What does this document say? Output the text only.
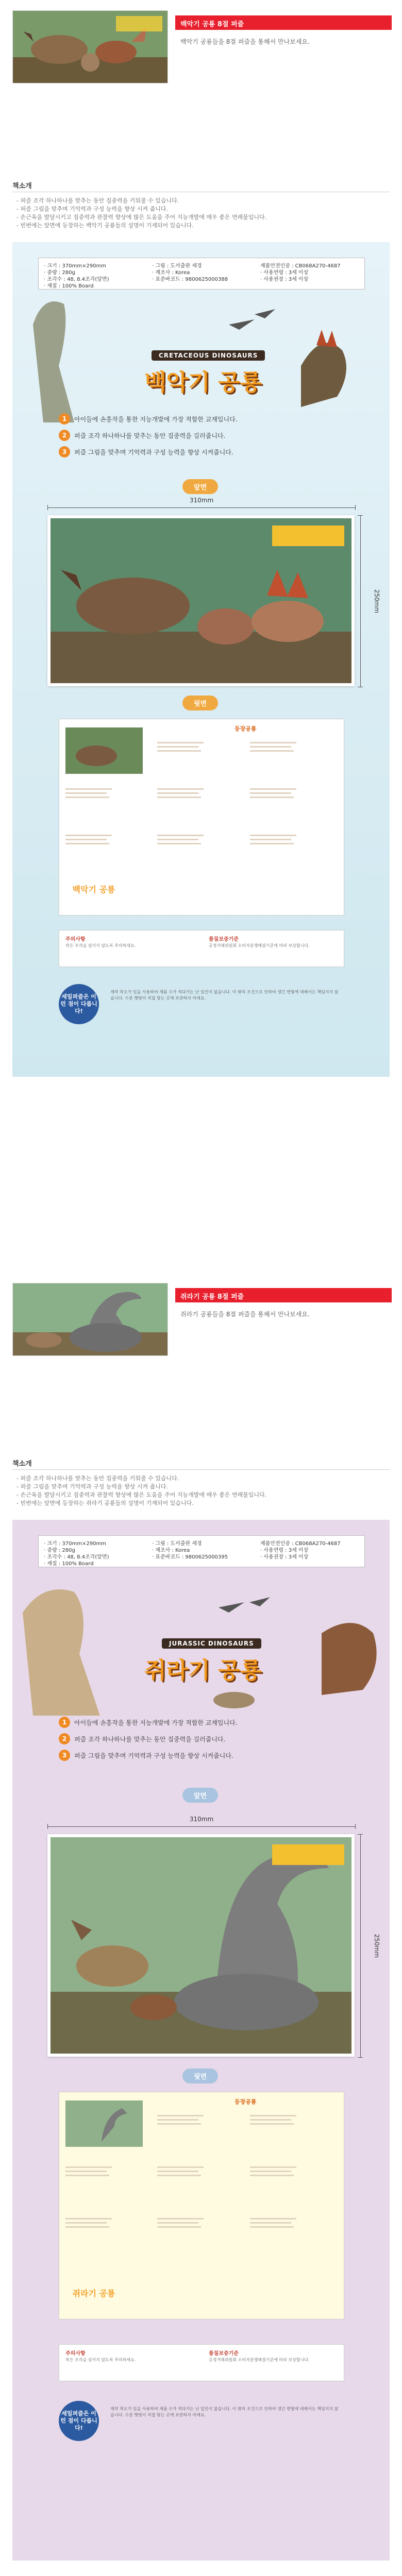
백악기 공룡 8절 퍼즐
백악기 공룡들을 8절 퍼즐을 통해서 만나보세요.
책소개
- 퍼즐 조각 하나하나를 맞추는 동안 집중력을 키워줄 수 있습니다.
- 퍼즐 그림을 맞추며 기억력과 구성 능력을 향상 시켜 줍니다.
- 손근육을 발달시키고 집중력과 관찰력 향상에 많은 도움을 주어 지능개발에 매우 좋은 연례물입니다.
- 빈번에는 앞면에 등장하는 백악기 공룡들의 설명이 기재되어 있습니다.
· 크기 : 370mm×290mm
· 중량 : 280g
· 조각수 : 48, 8.4조각(앞면)
· 재질 : 100% Board
· 그림 : 도서출판 세경
· 제조사 : Korea
· 표준바코드 : 9800625000388
제품안전인증 : CB068A270-4687
· 사용연령 : 3세 이상
· 사용권장 : 3세 이상
CRETACEOUS DINOSAURS
백악기 공룡
1	아이들에 손흥작을 통한 지능개발에 가장 적합한 교재입니다.
2	퍼즐 조각 하나하나를 맞추는 동안 집중력을 길러줍니다.
3	퍼즐 그림을 맞추며 기억력과 구성 능력을 향상 시켜줍니다.
앞면
310mm
250mm
뒷면
등장공룡
백악기 공룡
주의사항
작은 조각을 삼키지 않도록 주의하세요.
품질보증기준
공정거래위원회 소비자분쟁해결기준에 따라 보상합니다.
세밀퍼즐은 이런 점이 다릅니다!
제작 착오가 있을 사용하여 제품 수가 적다가는 난 일인이 없습니다. 이 밖의 조건으로 인하여 생긴 변형에 대해서는 책임지지 않습니다. 수분 햇빛이 직접 닿는 곳에 보관하지 마세요.
쥐라기 공룡 8절 퍼즐
쥐라기 공룡들을 8절 퍼즐을 통해서 만나보세요.
책소개
- 퍼즐 조각 하나하나를 맞추는 동안 집중력을 키워줄 수 있습니다.
- 퍼즐 그림을 맞추며 기억력과 구성 능력을 향상 시켜 줍니다.
- 손근육을 발달시키고 집중력과 관찰력 향상에 많은 도움을 주어 지능개발에 매우 좋은 연례물입니다.
- 빈번에는 앞면에 등장하는 쥐라기 공룡들의 설명이 기재되어 있습니다.
· 크기 : 370mm×290mm
· 중량 : 280g
· 조각수 : 48, 8.4조각(앞면)
· 재질 : 100% Board
· 그림 : 도서출판 세경
· 제조사 : Korea
· 표준바코드 : 9800625000395
제품안전인증 : CB068A270-4687
· 사용연령 : 3세 이상
· 사용권장 : 3세 이상
JURASSIC DINOSAURS
쥐라기 공룡
1	아이들에 손흥작을 통한 지능개발에 가장 적합한 교재입니다.
2	퍼즐 조각 하나하나를 맞추는 동안 집중력을 길러줍니다.
3	퍼즐 그림을 맞추며 기억력과 구성 능력을 향상 시켜줍니다.
앞면
310mm
250mm
뒷면
등장공룡
쥐라기 공룡
주의사항
작은 조각을 삼키지 않도록 주의하세요.
품질보증기준
공정거래위원회 소비자분쟁해결기준에 따라 보상합니다.
세밀퍼즐은 이런 점이 다릅니다!
제작 착오가 있을 사용하여 제품 수가 적다가는 난 일인이 없습니다. 이 밖의 조건으로 인하여 생긴 변형에 대해서는 책임지지 않습니다. 수분 햇빛이 직접 닿는 곳에 보관하지 마세요.
